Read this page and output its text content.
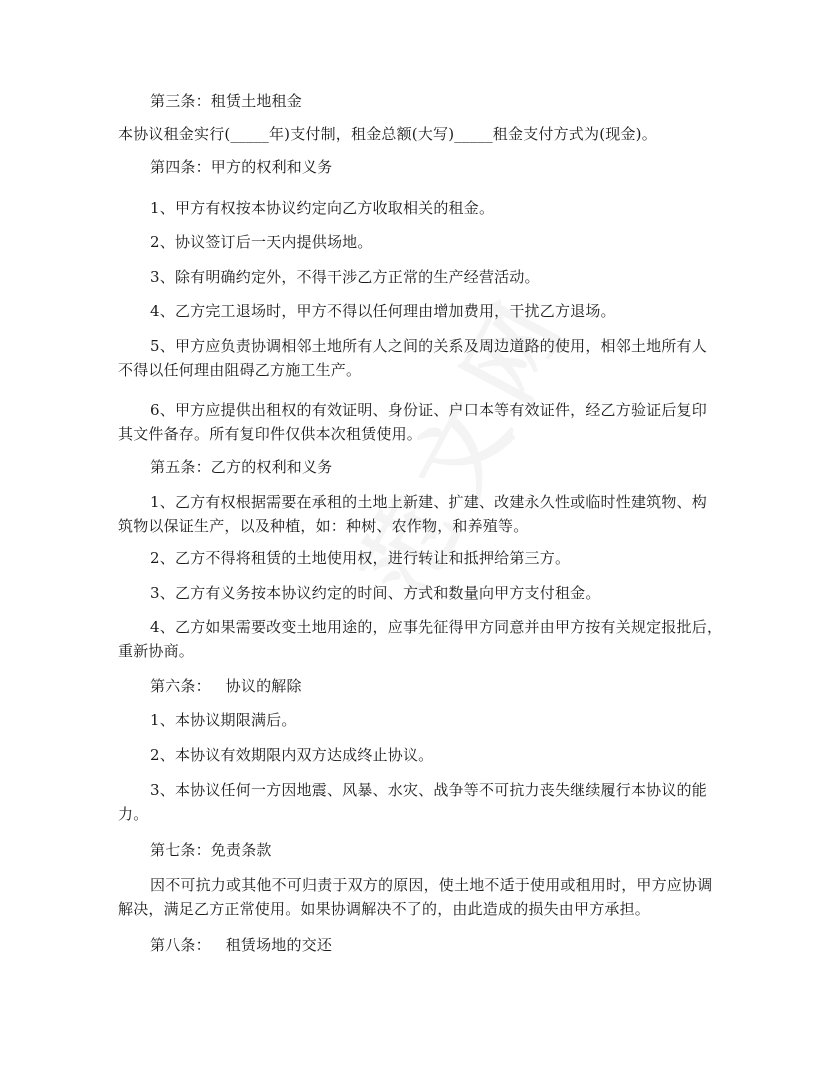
第三条：租赁土地租金
本协议租金实行(_____年)支付制，租金总额(大写)_____租金支付方式为(现金)。
第四条：甲方的权利和义务
1、甲方有权按本协议约定向乙方收取相关的租金。
2、协议签订后一天内提供场地。
3、除有明确约定外，不得干涉乙方正常的生产经营活动。
4、乙方完工退场时，甲方不得以任何理由增加费用，干扰乙方退场。
5、甲方应负责协调相邻土地所有人之间的关系及周边道路的使用，相邻土地所有人
不得以任何理由阻碍乙方施工生产。
6、甲方应提供出租权的有效证明、身份证、户口本等有效证件，经乙方验证后复印
其文件备存。所有复印件仅供本次租赁使用。
第五条：乙方的权利和义务
1、乙方有权根据需要在承租的土地上新建、扩建、改建永久性或临时性建筑物、构
筑物以保证生产，以及种植，如：种树、农作物，和养殖等。
2、乙方不得将租赁的土地使用权，进行转让和抵押给第三方。
3、乙方有义务按本协议约定的时间、方式和数量向甲方支付租金。
4、乙方如果需要改变土地用途的，应事先征得甲方同意并由甲方按有关规定报批后，
重新协商。
第六条：   协议的解除
1、本协议期限满后。
2、本协议有效期限内双方达成终止协议。
3、本协议任何一方因地震、风暴、水灾、战争等不可抗力丧失继续履行本协议的能
力。
第七条：免责条款
因不可抗力或其他不可归责于双方的原因，使土地不适于使用或租用时，甲方应协调
解决，满足乙方正常使用。如果协调解决不了的，由此造成的损失由甲方承担。
第八条：   租赁场地的交还
